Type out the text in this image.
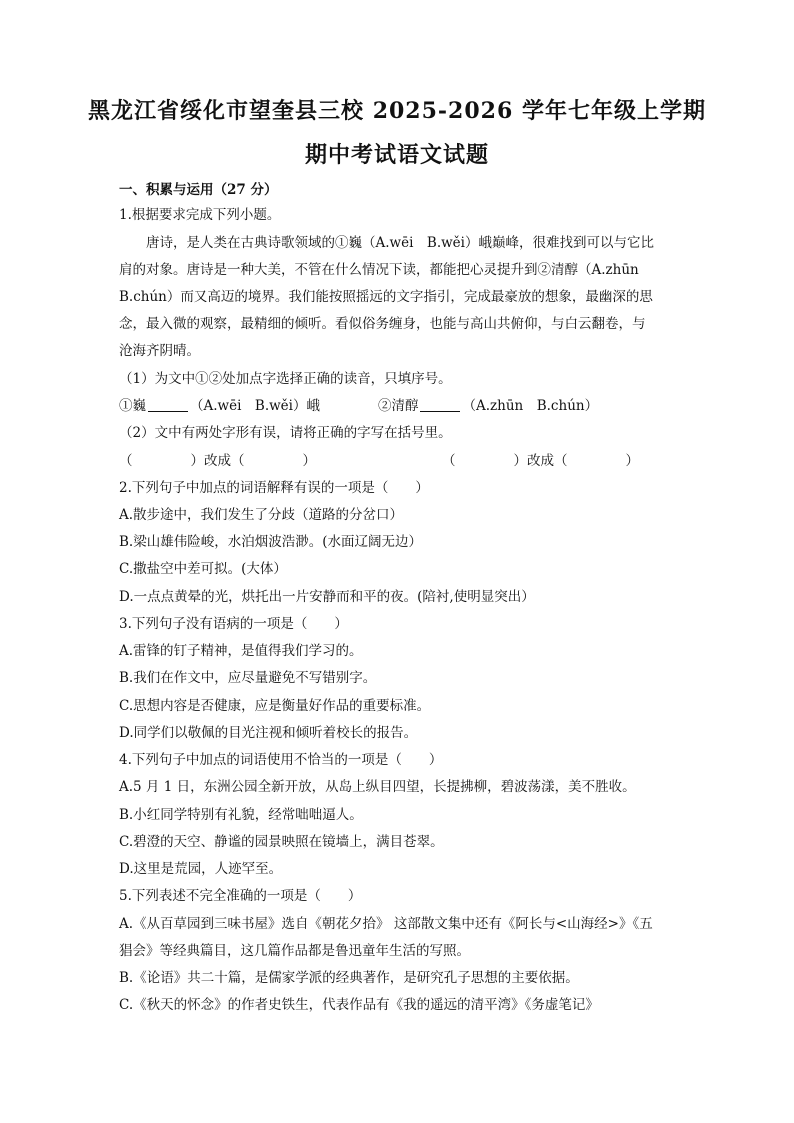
黑龙江省绥化市望奎县三校 2025-2026 学年七年级上学期
期中考试语文试题
一、积累与运用（27 分）
1.根据要求完成下列小题。
唐诗，是人类在古典诗歌领域的①巍（A.wēi　B.wěi）峨巅峰，很难找到可以与它比
肩的对象。唐诗是一种大美，不管在什么情况下读，都能把心灵提升到②清醇（A.zhūn
B.chún）而又高迈的境界。我们能按照摇远的文字指引，完成最豪放的想象，最幽深的思
念，最入微的观察，最精细的倾听。看似俗务缠身，也能与高山共俯仰，与白云翻卷，与
沧海齐阴晴。
（1）为文中①②处加点字选择正确的读音，只填序号。
①巍	（A.wēi　B.wěi）峨	②清醇	（A.zhūn　B.chún）
（2）文中有两处字形有误，请将正确的字写在括号里。
（	）改成（	）	（	）改成（	）
2.下列句子中加点的词语解释有误的一项是（　　）
A.散步途中，我们发生了分歧（道路的分岔口）
B.梁山雄伟险峻，水泊烟波浩渺。(水面辽阔无边）
C.撒盐空中差可拟。(大体）
D.一点点黄晕的光，烘托出一片安静而和平的夜。(陪衬,使明显突出）
3.下列句子没有语病的一项是（　　）
A.雷锋的钉子精神，是值得我们学习的。
B.我们在作文中，应尽量避免不写错别字。
C.思想内容是否健康，应是衡量好作品的重要标准。
D.同学们以敬佩的目光注视和倾听着校长的报告。
4.下列句子中加点的词语使用不恰当的一项是（　　）
A.5 月 1 日，东洲公园全新开放，从岛上纵目四望，长提拂柳，碧波荡漾，美不胜收。
B.小红同学特别有礼貌，经常咄咄逼人。
C.碧澄的天空、静谧的园景映照在镜墙上，满目苍翠。
D.这里是荒园，人迹罕至。
5.下列表述不完全准确的一项是（　　）
A.《从百草园到三味书屋》选自《朝花夕拾》 这部散文集中还有《阿长与<山海经>》《五
猖会》等经典篇目，这几篇作品都是鲁迅童年生活的写照。
B.《论语》共二十篇，是儒家学派的经典著作，是研究孔子思想的主要依据。
C.《秋天的怀念》的作者史铁生，代表作品有《我的遥远的清平湾》《务虚笔记》
